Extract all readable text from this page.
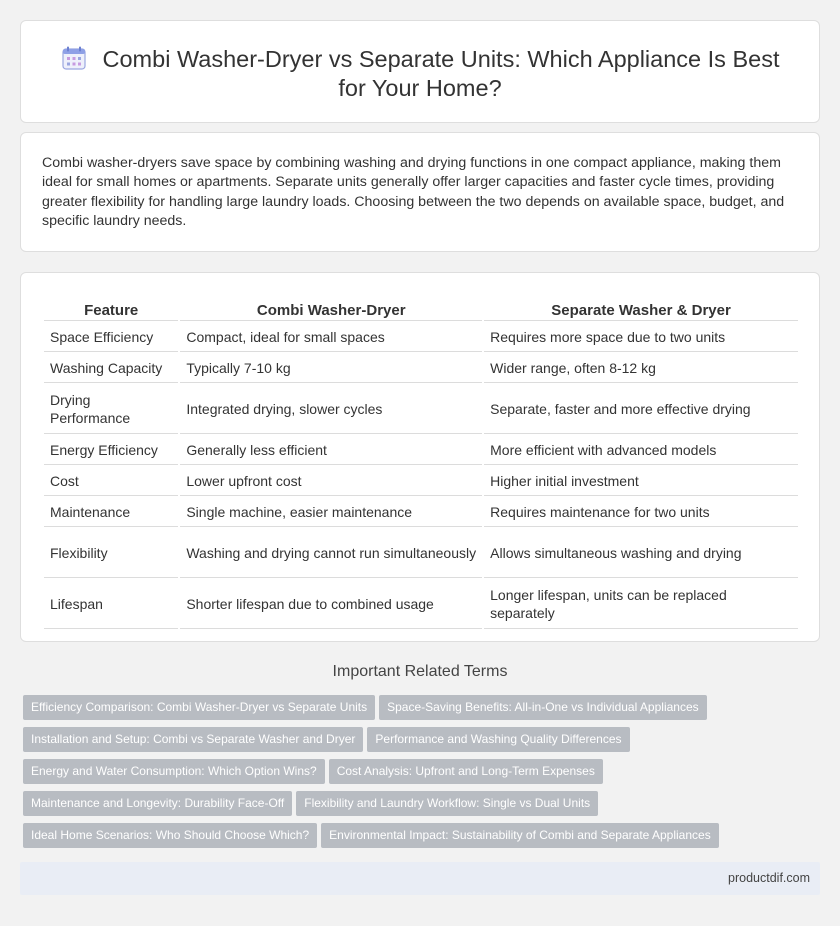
Combi Washer-Dryer vs Separate Units: Which Appliance Is Best for Your Home?

Combi washer-dryers save space by combining washing and drying functions in one compact appliance, making them ideal for small homes or apartments. Separate units generally offer larger capacities and faster cycle times, providing greater flexibility for handling large laundry loads. Choosing between the two depends on available space, budget, and specific laundry needs.

Feature	Combi Washer-Dryer	Separate Washer & Dryer
Space Efficiency	Compact, ideal for small spaces	Requires more space due to two units
Washing Capacity	Typically 7-10 kg	Wider range, often 8-12 kg
Drying Performance	Integrated drying, slower cycles	Separate, faster and more effective drying
Energy Efficiency	Generally less efficient	More efficient with advanced models
Cost	Lower upfront cost	Higher initial investment
Maintenance	Single machine, easier maintenance	Requires maintenance for two units
Flexibility	Washing and drying cannot run simultaneously	Allows simultaneous washing and drying
Lifespan	Shorter lifespan due to combined usage	Longer lifespan, units can be replaced separately
Important Related Terms
Efficiency Comparison: Combi Washer-Dryer vs Separate Units Space-Saving Benefits: All-in-One vs Individual Appliances
Installation and Setup: Combi vs Separate Washer and Dryer Performance and Washing Quality Differences
Energy and Water Consumption: Which Option Wins? Cost Analysis: Upfront and Long-Term Expenses
Maintenance and Longevity: Durability Face-Off Flexibility and Laundry Workflow: Single vs Dual Units
Ideal Home Scenarios: Who Should Choose Which? Environmental Impact: Sustainability of Combi and Separate Appliances
productdif.com
